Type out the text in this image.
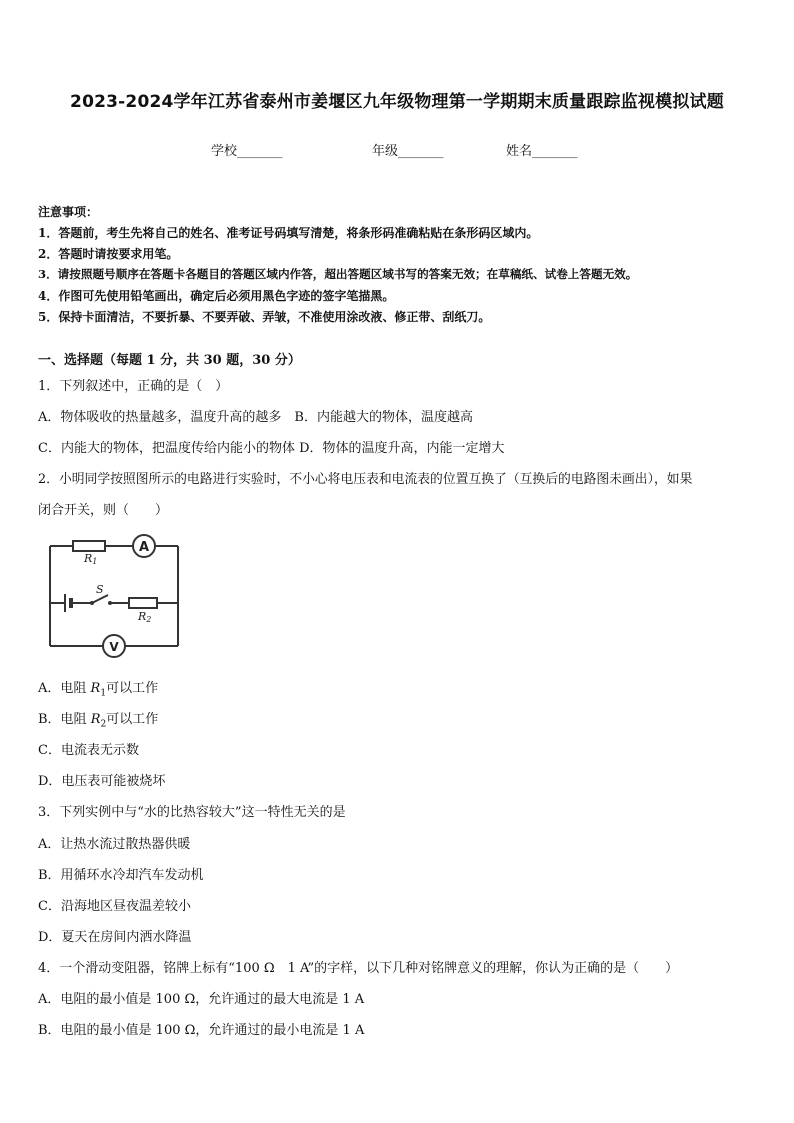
2023-2024学年江苏省泰州市姜堰区九年级物理第一学期期末质量跟踪监视模拟试题
学校_______	年级_______	姓名_______
注意事项：
1．答题前，考生先将自己的姓名、准考证号码填写清楚，将条形码准确粘贴在条形码区域内。
2．答题时请按要求用笔。
3．请按照题号顺序在答题卡各题目的答题区域内作答，超出答题区域书写的答案无效；在草稿纸、试卷上答题无效。
4．作图可先使用铅笔画出，确定后必须用黑色字迹的签字笔描黑。
5．保持卡面清洁，不要折暴、不要弄破、弄皱，不准使用涂改液、修正带、刮纸刀。
一、选择题（每题 1 分，共 30 题，30 分）
1．下列叙述中，正确的是（　）
A．物体吸收的热量越多，温度升高的越多　B．内能越大的物体，温度越高
C．内能大的物体，把温度传给内能小的物体 D．物体的温度升高，内能一定增大
2．小明同学按照图所示的电路进行实验时，不小心将电压表和电流表的位置互换了（互换后的电路图未画出），如果
闭合开关，则（　　）
A
V
R1
R2
S
A．电阻 $R_1$可以工作
B．电阻 $R_2$可以工作
C．电流表无示数
D．电压表可能被烧坏
3．下列实例中与“水的比热容较大”这一特性无关的是
A．让热水流过散热器供暖
B．用循环水冷却汽车发动机
C．沿海地区昼夜温差较小
D．夏天在房间内洒水降温
4．一个滑动变阻器，铭牌上标有“100 Ω　1 A”的字样，以下几种对铭牌意义的理解，你认为正确的是（　　）
A．电阻的最小值是 100 Ω，允许通过的最大电流是 1 A
B．电阻的最小值是 100 Ω，允许通过的最小电流是 1 A
